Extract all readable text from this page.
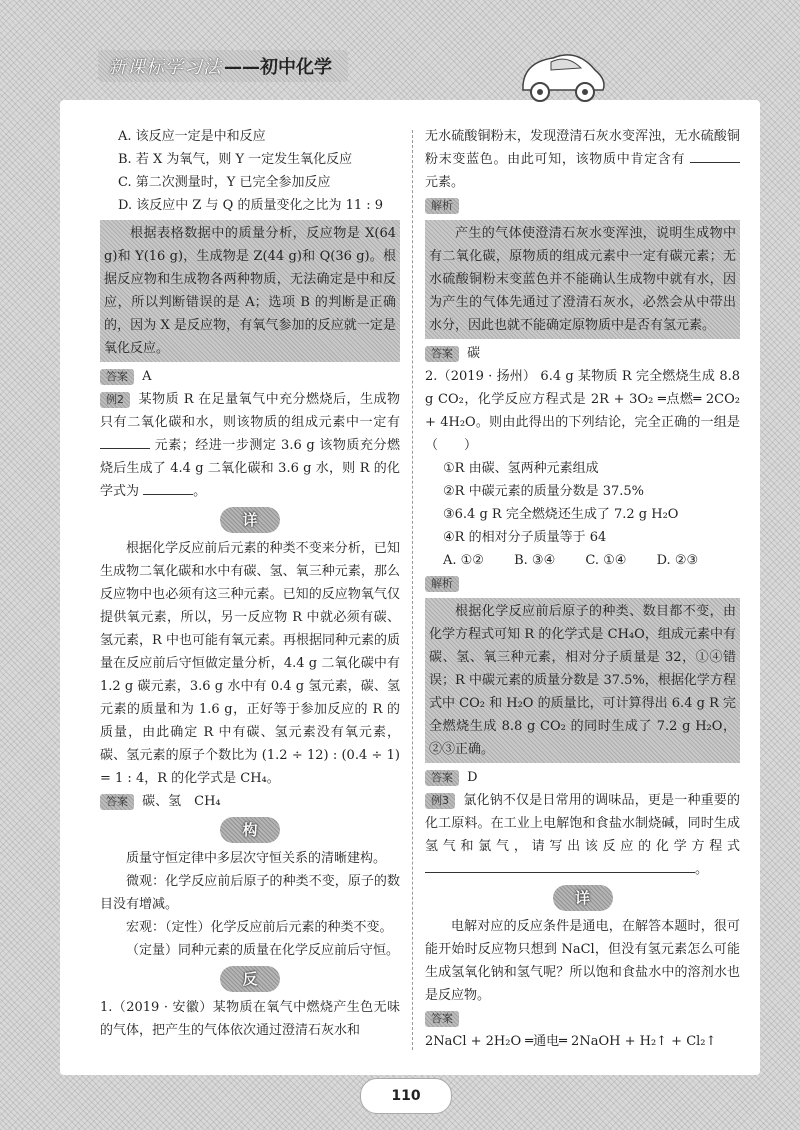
新课标学习法 ——初中化学

A. 该反应一定是中和反应

B. 若 X 为氧气，则 Y 一定发生氧化反应

C. 第二次测量时，Y 已完全参加反应

D. 该反应中 Z 与 Q 的质量变化之比为 11 : 9

根据表格数据中的质量分析，反应物是 X(64 g)和 Y(16 g)，生成物是 Z(44 g)和 Q(36 g)。根据反应物和生成物各两种物质，无法确定是中和反应，所以判断错误的是 A；选项 B 的判断是正确的，因为 X 是反应物，有氧气参加的反应就一定是氧化反应。

答案 A

例2 某物质 R 在足量氧气中充分燃烧后，生成物只有二氧化碳和水，则该物质的组成元素中一定有  元素；经进一步测定 3.6 g 该物质充分燃烧后生成了 4.4 g 二氧化碳和 3.6 g 水，则 R 的化学式为	。

详

根据化学反应前后元素的种类不变来分析，已知生成物二氧化碳和水中有碳、氢、氧三种元素，那么反应物中也必须有这三种元素。已知的反应物氧气仅提供氧元素，所以，另一反应物 R 中就必须有碳、氢元素，R 中也可能有氧元素。再根据同种元素的质量在反应前后守恒做定量分析，4.4 g 二氧化碳中有 1.2 g 碳元素，3.6 g 水中有 0.4 g 氢元素，碳、氢元素的质量和为 1.6 g，正好等于参加反应的 R 的质量，由此确定 R 中有碳、氢元素没有氧元素，碳、氢元素的原子个数比为 (1.2 ÷ 12) : (0.4 ÷ 1) = 1 : 4，R 的化学式是 CH₄。

答案 碳、氢　CH₄

构

质量守恒定律中多层次守恒关系的清晰建构。

微观：化学反应前后原子的种类不变，原子的数目没有增减。

宏观：（定性）化学反应前后元素的种类不变。

（定量）同种元素的质量在化学反应前后守恒。

反

1.（2019 · 安徽）某物质在氧气中燃烧产生色无味的气体，把产生的气体依次通过澄清石灰水和

无水硫酸铜粉末，发现澄清石灰水变浑浊，无水硫酸铜粉末变蓝色。由此可知，该物质中肯定含有  元素。

解析

产生的气体使澄清石灰水变浑浊，说明生成物中有二氧化碳，原物质的组成元素中一定有碳元素；无水硫酸铜粉末变蓝色并不能确认生成物中就有水，因为产生的气体先通过了澄清石灰水，必然会从中带出水分，因此也就不能确定原物质中是否有氢元素。

答案 碳

2.（2019 · 扬州） 6.4 g 某物质 R 完全燃烧生成 8.8 g CO₂，化学反应方程式是 2R + 3O₂ ═点燃═ 2CO₂ + 4H₂O。则由此得出的下列结论，完全正确的一组是（　　）

①R 由碳、氢两种元素组成

②R 中碳元素的质量分数是 37.5%

③6.4 g R 完全燃烧还生成了 7.2 g H₂O

④R 的相对分子质量等于 64

A. ①②　　 B. ③④　　 C. ①④　　 D. ②③

解析

根据化学反应前后原子的种类、数目都不变，由化学方程式可知 R 的化学式是 CH₄O，组成元素中有碳、氢、氧三种元素，相对分子质量是 32，①④错误；R 中碳元素的质量分数是 37.5%，根据化学方程式中 CO₂ 和 H₂O 的质量比，可计算得出 6.4 g R 完全燃烧生成 8.8 g CO₂ 的同时生成了 7.2 g H₂O，②③正确。

答案 D

例3 氯化钠不仅是日常用的调味品，更是一种重要的化工原料。在工业上电解饱和食盐水制烧碱，同时生成氢气和氯气，请写出该反应的化学方程式 。

详

电解对应的反应条件是通电，在解答本题时，很可能开始时反应物只想到 NaCl，但没有氢元素怎么可能生成氢氧化钠和氢气呢？所以饱和食盐水中的溶剂水也是反应物。

答案

2NaCl + 2H₂O ═通电═ 2NaOH + H₂↑ + Cl₂↑

110
